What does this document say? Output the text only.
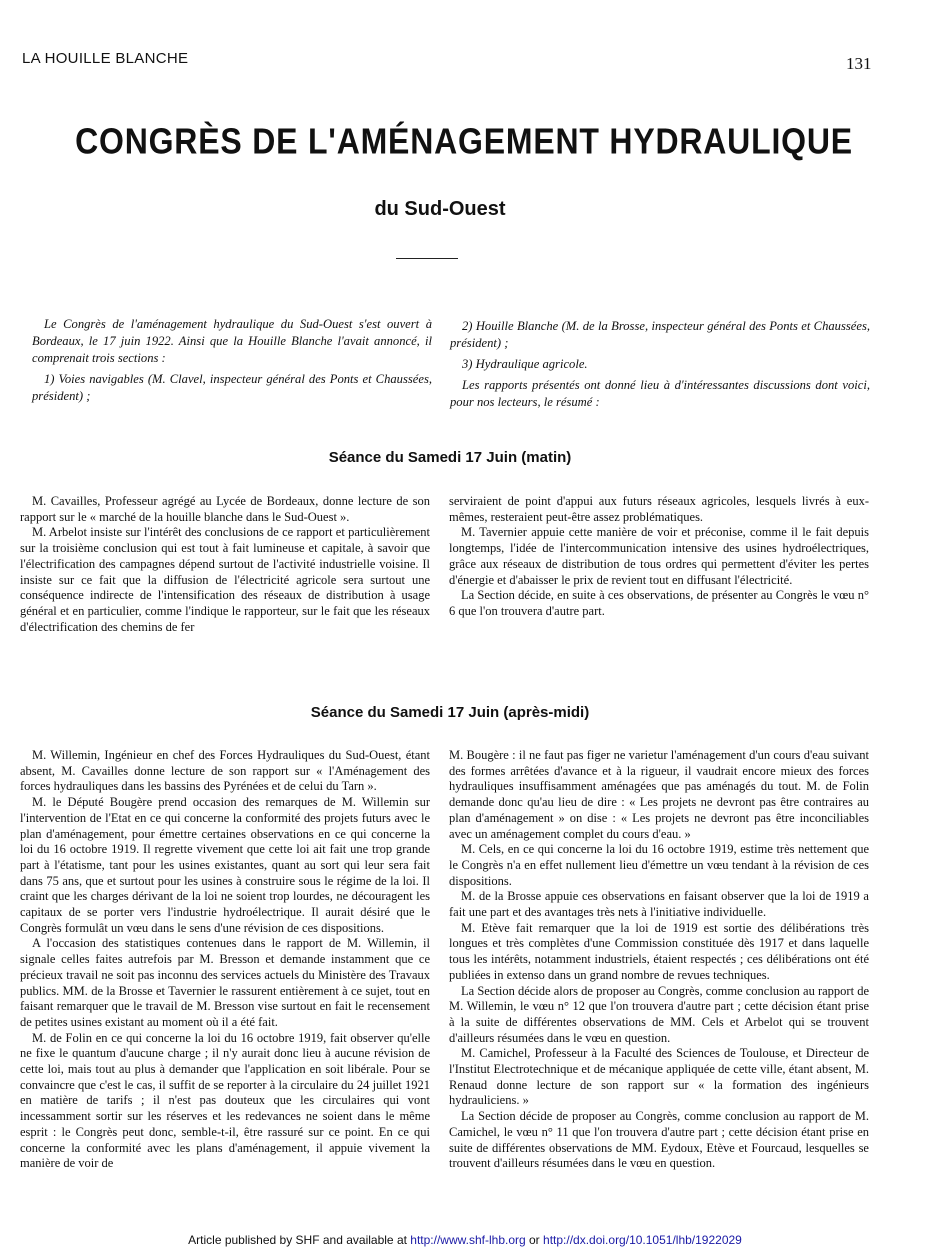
LA HOUILLE BLANCHE	131
CONGRÈS DE L'AMÉNAGEMENT HYDRAULIQUE
du Sud-Ouest

Le Congrès de l'aménagement hydraulique du Sud-Ouest s'est ouvert à Bordeaux, le 17 juin 1922. Ainsi que la Houille Blanche l'avait annoncé, il comprenait trois sections :

1) Voies navigables (M. Clavel, inspecteur général des Ponts et Chaussées, président) ;

2) Houille Blanche (M. de la Brosse, inspecteur général des Ponts et Chaussées, président) ;

3) Hydraulique agricole.

Les rapports présentés ont donné lieu à d'intéressantes discussions dont voici, pour nos lecteurs, le résumé :

Séance du Samedi 17 Juin (matin)

M. Cavailles, Professeur agrégé au Lycée de Bordeaux, donne lecture de son rapport sur le « marché de la houille blanche dans le Sud-Ouest ».

M. Arbelot insiste sur l'intérêt des conclusions de ce rapport et particulièrement sur la troisième conclusion qui est tout à fait lumineuse et capitale, à savoir que l'électrification des campagnes dépend surtout de l'activité industrielle voisine. Il insiste sur ce fait que la diffusion de l'électricité agricole sera surtout une conséquence indirecte de l'intensification des réseaux de distribution à usage général et en particulier, comme l'indique le rapporteur, sur le fait que les réseaux d'électrification des chemins de fer

serviraient de point d'appui aux futurs réseaux agricoles, lesquels livrés à eux-mêmes, resteraient peut-être assez problématiques.

M. Tavernier appuie cette manière de voir et préconise, comme il le fait depuis longtemps, l'idée de l'intercommunication intensive des usines hydroélectriques, grâce aux réseaux de distribution de tous ordres qui permettent d'éviter les pertes d'énergie et d'abaisser le prix de revient tout en diffusant l'électricité.

La Section décide, en suite à ces observations, de présenter au Congrès le vœu n° 6 que l'on trouvera d'autre part.

Séance du Samedi 17 Juin (après-midi)

M. Willemin, Ingénieur en chef des Forces Hydrauliques du Sud-Ouest, étant absent, M. Cavailles donne lecture de son rapport sur « l'Aménagement des forces hydrauliques dans les bassins des Pyrénées et de celui du Tarn ».

M. le Député Bougère prend occasion des remarques de M. Willemin sur l'intervention de l'Etat en ce qui concerne la conformité des projets futurs avec le plan d'aménagement, pour émettre certaines observations en ce qui concerne la loi du 16 octobre 1919. Il regrette vivement que cette loi ait fait une trop grande part à l'étatisme, tant pour les usines existantes, quant au sort qui leur sera fait dans 75 ans, que et surtout pour les usines à construire sous le régime de la loi. Il craint que les charges dérivant de la loi ne soient trop lourdes, ne découragent les capitaux de se porter vers l'industrie hydroélectrique. Il aurait désiré que le Congrès formulât un vœu dans le sens d'une révision de ces dispositions.

A l'occasion des statistiques contenues dans le rapport de M. Willemin, il signale celles faites autrefois par M. Bresson et demande instamment que ce précieux travail ne soit pas inconnu des services actuels du Ministère des Travaux publics. MM. de la Brosse et Tavernier le rassurent entièrement à ce sujet, tout en faisant remarquer que le travail de M. Bresson vise surtout en fait le recensement de petites usines existant au moment où il a été fait.

M. de Folin en ce qui concerne la loi du 16 octobre 1919, fait observer qu'elle ne fixe le quantum d'aucune charge ; il n'y aurait donc lieu à aucune révision de cette loi, mais tout au plus à demander que l'application en soit libérale. Pour se convaincre que c'est le cas, il suffit de se reporter à la circulaire du 24 juillet 1921 en matière de tarifs ; il n'est pas douteux que les circulaires qui vont incessamment sortir sur les réserves et les redevances ne soient dans le même esprit : le Congrès peut donc, semble-t-il, être rassuré sur ce point. En ce qui concerne la conformité avec les plans d'aménagement, il appuie vivement la manière de voir de

M. Bougère : il ne faut pas figer ne varietur l'aménagement d'un cours d'eau suivant des formes arrêtées d'avance et à la rigueur, il vaudrait encore mieux des forces hydrauliques insuffisamment aménagées que pas aménagés du tout. M. de Folin demande donc qu'au lieu de dire : « Les projets ne devront pas être contraires au plan d'aménagement » on dise : « Les projets ne devront pas être inconciliables avec un aménagement complet du cours d'eau. »

M. Cels, en ce qui concerne la loi du 16 octobre 1919, estime très nettement que le Congrès n'a en effet nullement lieu d'émettre un vœu tendant à la révision de ces dispositions.

M. de la Brosse appuie ces observations en faisant observer que la loi de 1919 a fait une part et des avantages très nets à l'initiative individuelle.

M. Etève fait remarquer que la loi de 1919 est sortie des délibérations très longues et très complètes d'une Commission constituée dès 1917 et dans laquelle tous les intérêts, notamment industriels, étaient respectés ; ces délibérations ont été publiées in extenso dans un grand nombre de revues techniques.

La Section décide alors de proposer au Congrès, comme conclusion au rapport de M. Willemin, le vœu n° 12 que l'on trouvera d'autre part ; cette décision étant prise à la suite de différentes observations de MM. Cels et Arbelot qui se trouvent d'ailleurs résumées dans le vœu en question.

M. Camichel, Professeur à la Faculté des Sciences de Toulouse, et Directeur de l'Institut Electrotechnique et de mécanique appliquée de cette ville, étant absent, M. Renaud donne lecture de son rapport sur « la formation des ingénieurs hydrauliciens. »

La Section décide de proposer au Congrès, comme conclusion au rapport de M. Camichel, le vœu n° 11 que l'on trouvera d'autre part ; cette décision étant prise en suite de différentes observations de MM. Eydoux, Etève et Fourcaud, lesquelles se trouvent d'ailleurs résumées dans le vœu en question.

Article published by SHF and available at http://www.shf-lhb.org or http://dx.doi.org/10.1051/lhb/1922029
